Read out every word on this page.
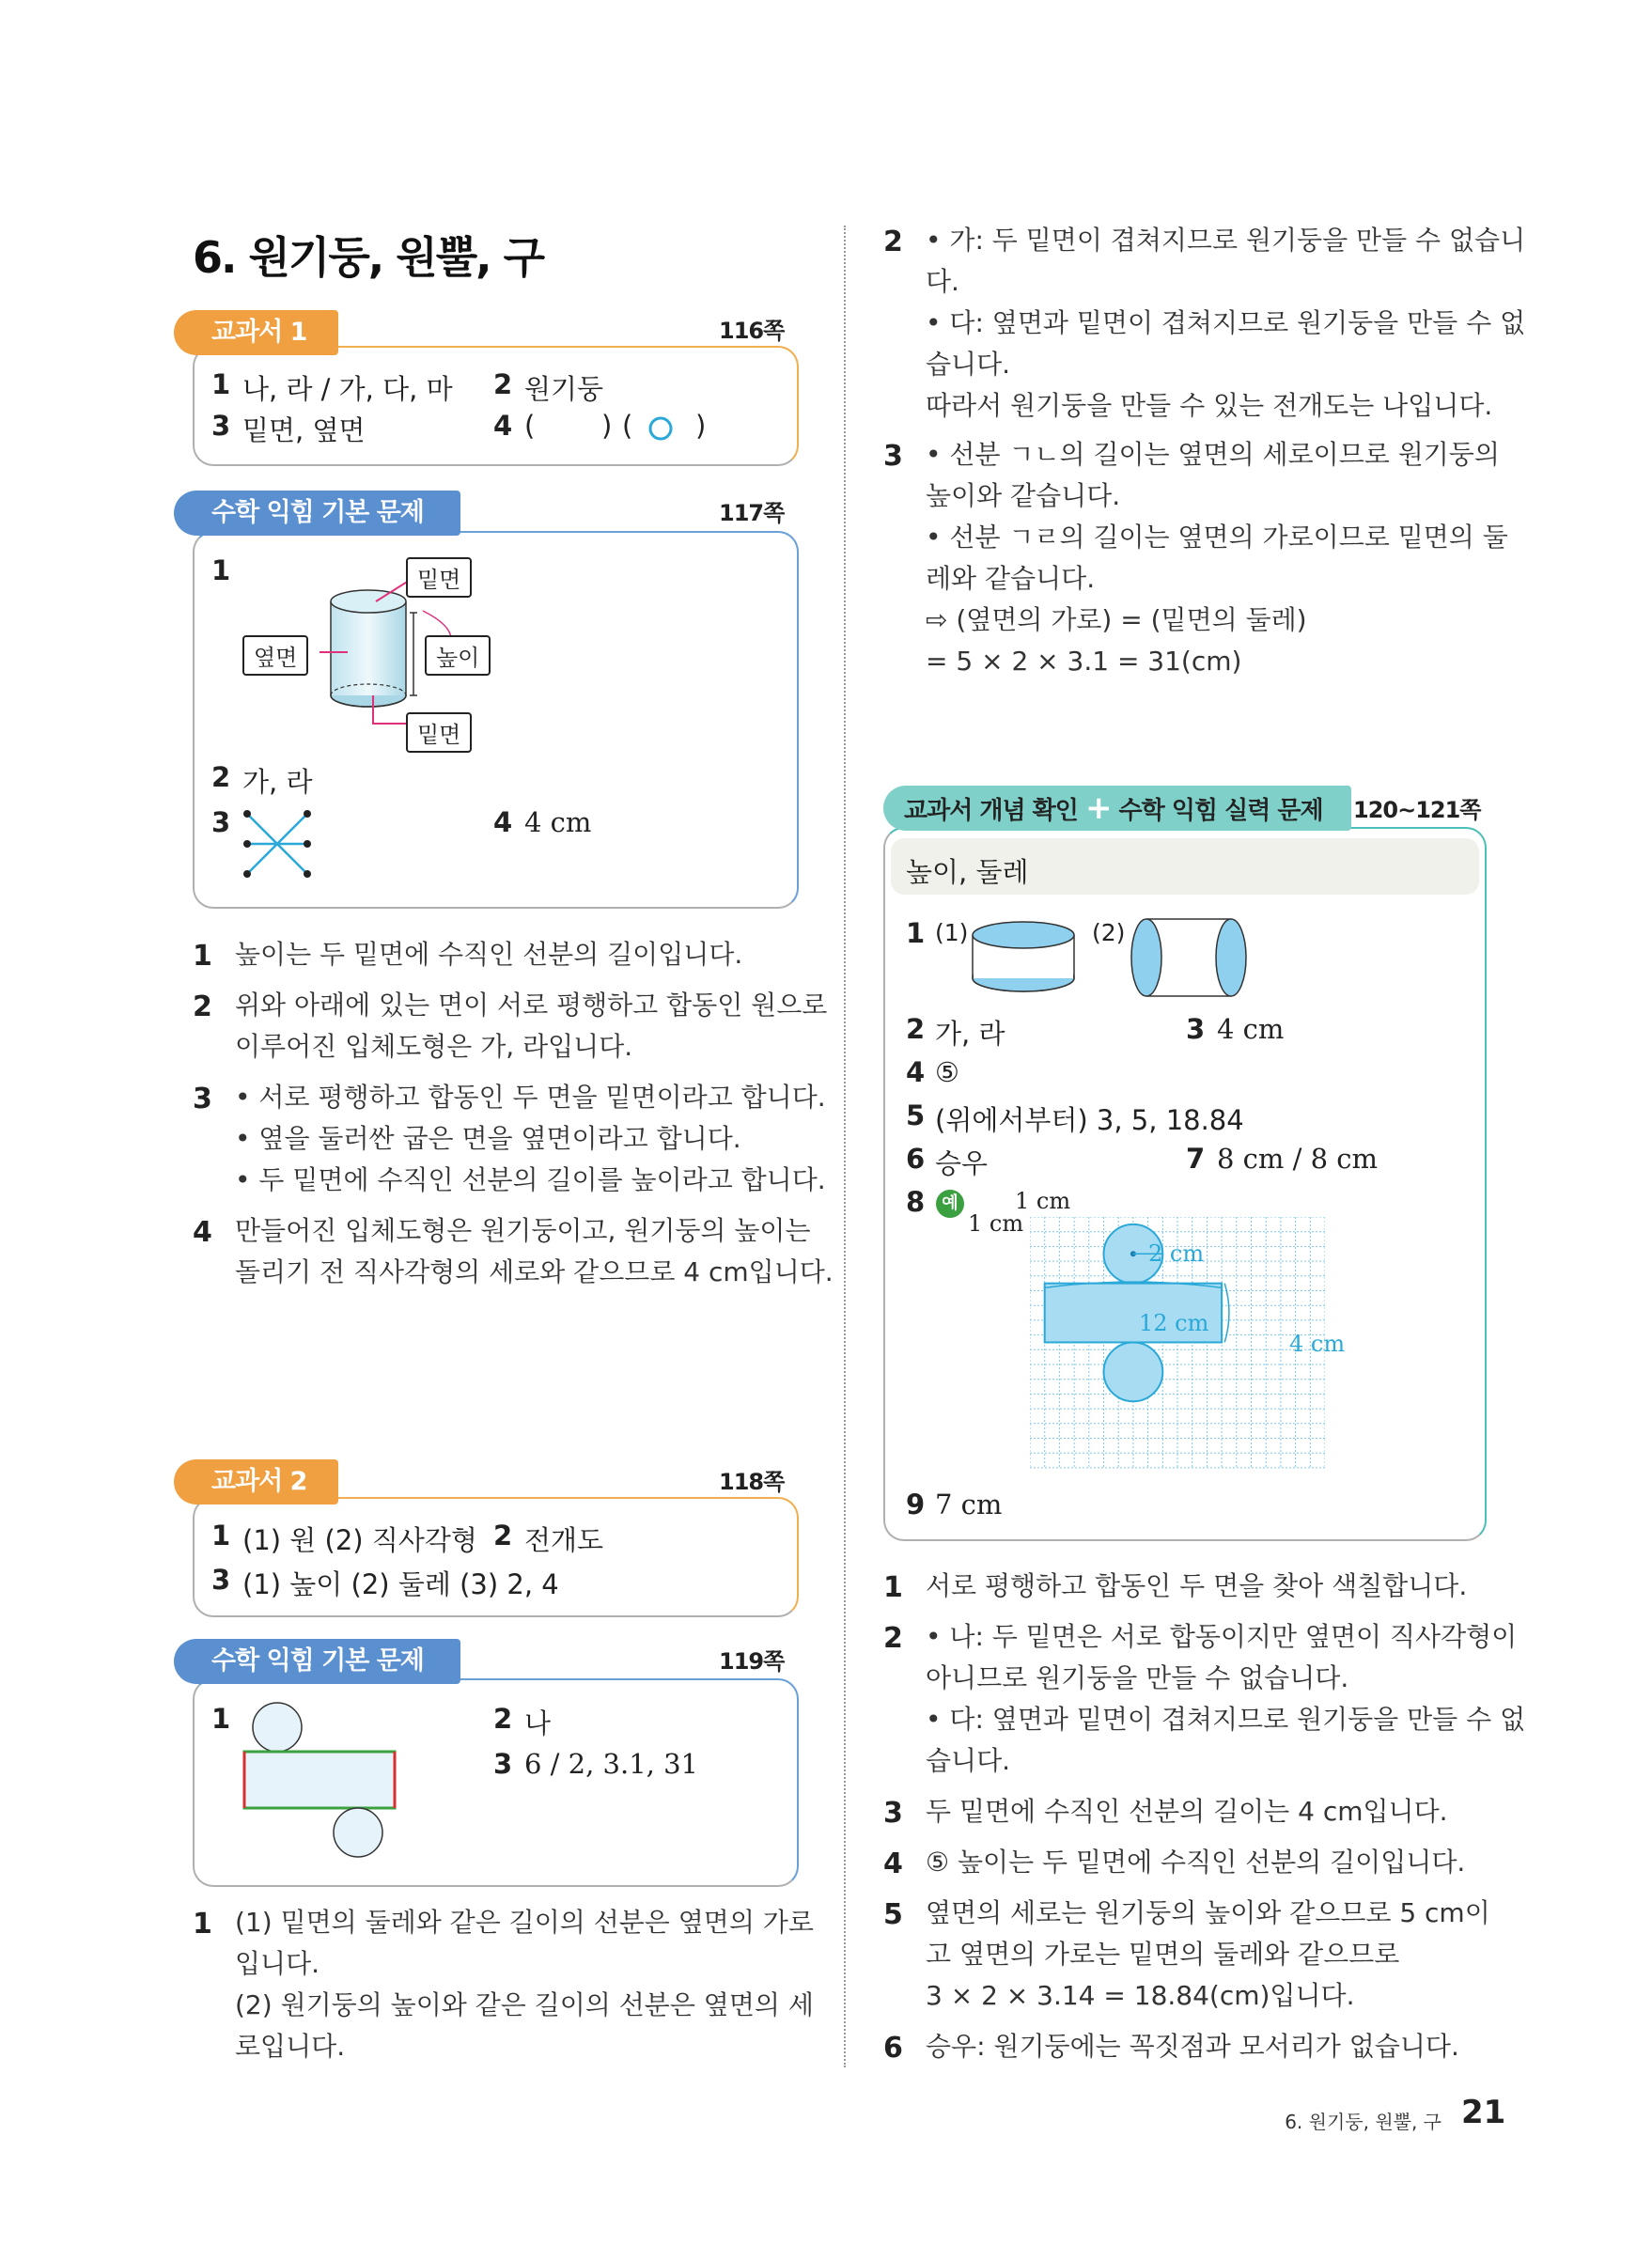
6. 원기둥, 원뿔, 구
교과서 1	116쪽
1 나, 라 / 가, 다, 마 2 원기둥
3 밑면, 옆면	4 ( ) ( ○ )
수학 익힘 기본 문제	117쪽
1	밑면
옆면	높이
밑면
2 가, 라
3	4 4 cm
1 높이는 두 밑면에 수직인 선분의 길이입니다.
2 위와 아래에 있는 면이 서로 평행하고 합동인 원으로
이루어진 입체도형은 가, 라입니다.
3 • 서로 평행하고 합동인 두 면을 밑면이라고 합니다.
• 옆을 둘러싼 굽은 면을 옆면이라고 합니다.
• 두 밑면에 수직인 선분의 길이를 높이라고 합니다.
4 만들어진 입체도형은 원기둥이고, 원기둥의 높이는
돌리기 전 직사각형의 세로와 같으므로 4 cm입니다.
교과서 2	118쪽
1 (1) 원 (2) 직사각형 2 전개도
3 (1) 높이 (2) 둘레 (3) 2, 4
수학 익힘 기본 문제	119쪽
1	2 나
3 6 / 2, 3.1, 31
1 (1) 밑면의 둘레와 같은 길이의 선분은 옆면의 가로
입니다.
(2) 원기둥의 높이와 같은 길이의 선분은 옆면의 세
로입니다.
2 • 가: 두 밑면이 겹쳐지므로 원기둥을 만들 수 없습니
다.
• 다: 옆면과 밑면이 겹쳐지므로 원기둥을 만들 수 없
습니다.
따라서 원기둥을 만들 수 있는 전개도는 나입니다.
3 • 선분 ㄱㄴ의 길이는 옆면의 세로이므로 원기둥의
높이와 같습니다.
• 선분 ㄱㄹ의 길이는 옆면의 가로이므로 밑면의 둘
레와 같습니다.
⇨ (옆면의 가로) = (밑면의 둘레)
= 5 × 2 × 3.1 = 31(cm)
교과서 개념 확인 + 수학 익힘 실력 문제	120~121쪽
높이, 둘레
1 (1)	(2)
2 가, 라	3 4 cm
4 ⑤
5 (위에서부터) 3, 5, 18.84
6 승우	7 8 cm / 8 cm
8	예	1 cm
1 cm
2 cm
12 cm
4 cm
9 7 cm
1 서로 평행하고 합동인 두 면을 찾아 색칠합니다.
2 • 나: 두 밑면은 서로 합동이지만 옆면이 직사각형이
아니므로 원기둥을 만들 수 없습니다.
• 다: 옆면과 밑면이 겹쳐지므로 원기둥을 만들 수 없
습니다.
3 두 밑면에 수직인 선분의 길이는 4 cm입니다.
4 ⑤ 높이는 두 밑면에 수직인 선분의 길이입니다.
5 옆면의 세로는 원기둥의 높이와 같으므로 5 cm이
고 옆면의 가로는 밑면의 둘레와 같으므로
3 × 2 × 3.14 = 18.84(cm)입니다.
6 승우: 원기둥에는 꼭짓점과 모서리가 없습니다.
6. 원기둥, 원뿔, 구 21
